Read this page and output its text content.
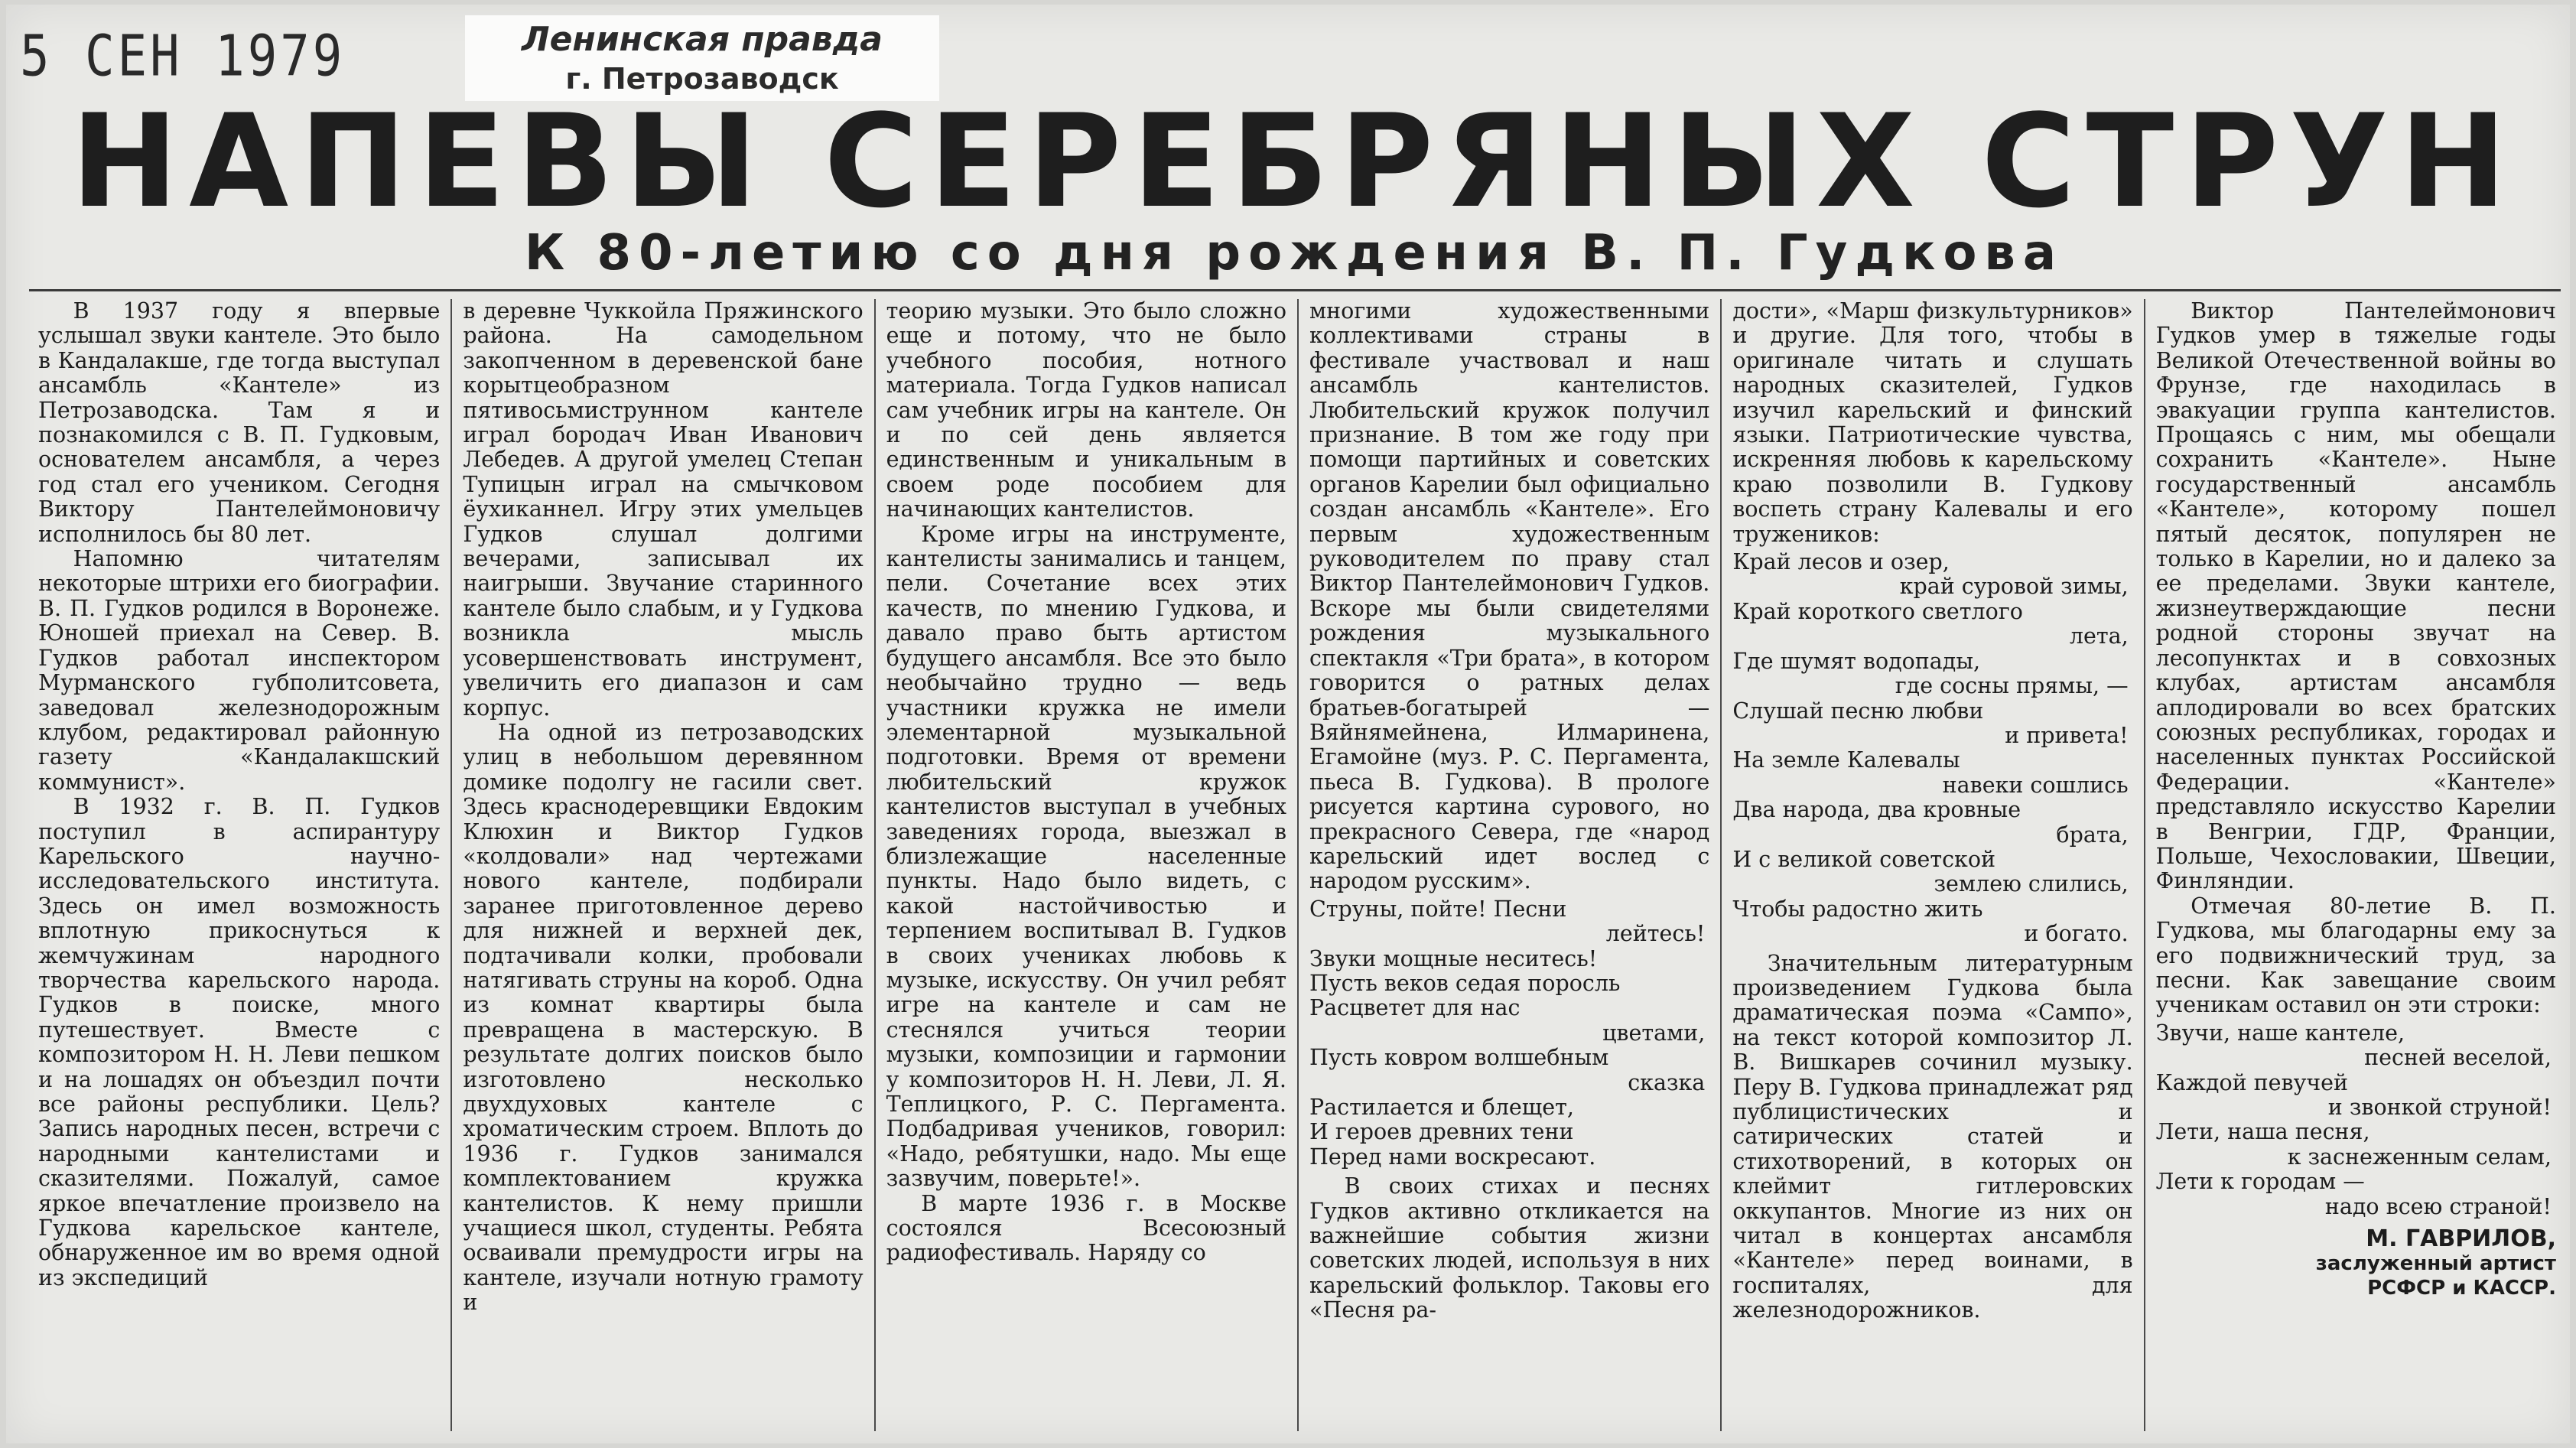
5 СЕН 1979	Ленинская правда
г. Петрозаводск
НАПЕВЫ СЕРЕБРЯНЫХ СТРУН
К 80-летию со дня рождения В. П. Гудкова

В 1937 году я впервые услышал звуки кантеле. Это было в Кандалакше, где тогда выступал ансамбль «Кантеле» из Петрозаводска. Там я и познакомился с В. П. Гудковым, основателем ансамбля, а через год стал его учеником. Сегодня Виктору Пантелеймоновичу исполнилось бы 80 лет.

Напомню читателям некоторые штрихи его биографии. В. П. Гудков родился в Воронеже. Юношей приехал на Север. В. Гудков работал инспектором Мурманского губполитсовета, заведовал железнодорожным клубом, редактировал районную газету «Кандалакшский коммунист».

В 1932 г. В. П. Гудков поступил в аспирантуру Карельского научно-исследовательского института. Здесь он имел возможность вплотную прикоснуться к жемчужинам народного творчества карельского народа. Гудков в поиске, много путешествует. Вместе с композитором Н. Н. Леви пешком и на лошадях он объездил почти все районы республики. Цель? Запись народных песен, встречи с народными кантелистами и сказителями. Пожалуй, самое яркое впечатление произвело на Гудкова карельское кантеле, обнаруженное им во время одной из экспедиций

в деревне Чуккойла Пряжинского района. На самодельном закопченном в деревенской бане корытцеобразном пятивосьмиструнном кантеле играл бородач Иван Иванович Лебедев. А другой умелец Степан Тупицын играл на смычковом ёухиканнел. Игру этих умельцев Гудков слушал долгими вечерами, записывал их наигрыши. Звучание старинного кантеле было слабым, и у Гудкова возникла мысль усовершенствовать инструмент, увеличить его диапазон и сам корпус.

На одной из петрозаводских улиц в небольшом деревянном домике подолгу не гасили свет. Здесь краснодеревщики Евдоким Клюхин и Виктор Гудков «колдовали» над чертежами нового кантеле, подбирали заранее приготовленное дерево для нижней и верхней дек, подтачивали колки, пробовали натягивать струны на короб. Одна из комнат квартиры была превращена в мастерскую. В результате долгих поисков было изготовлено несколько двухдуховых кантеле с хроматическим строем. Вплоть до 1936 г. Гудков занимался комплектованием кружка кантелистов. К нему пришли учащиеся школ, студенты. Ребята осваивали премудрости игры на кантеле, изучали нотную грамоту и

теорию музыки. Это было сложно еще и потому, что не было учебного пособия, нотного материала. Тогда Гудков написал сам учебник игры на кантеле. Он и по сей день является единственным и уникальным в своем роде пособием для начинающих кантелистов.

Кроме игры на инструменте, кантелисты занимались и танцем, пели. Сочетание всех этих качеств, по мнению Гудкова, и давало право быть артистом будущего ансамбля. Все это было необычайно трудно — ведь участники кружка не имели элементарной музыкальной подготовки. Время от времени любительский кружок кантелистов выступал в учебных заведениях города, выезжал в близлежащие населенные пункты. Надо было видеть, с какой настойчивостью и терпением воспитывал В. Гудков в своих учениках любовь к музыке, искусству. Он учил ребят игре на кантеле и сам не стеснялся учиться теории музыки, композиции и гармонии у композиторов Н. Н. Леви, Л. Я. Теплицкого, Р. С. Пергамента. Подбадривая учеников, говорил: «Надо, ребятушки, надо. Мы еще зазвучим, поверьте!».

В марте 1936 г. в Москве состоялся Всесоюзный радиофестиваль. Наряду со

многими художественными коллективами страны в фестивале участвовал и наш ансамбль кантелистов. Любительский кружок получил признание. В том же году при помощи партийных и советских органов Карелии был официально создан ансамбль «Кантеле». Его первым художественным руководителем по праву стал Виктор Пантелеймонович Гудков. Вскоре мы были свидетелями рождения музыкального спектакля «Три брата», в котором говорится о ратных делах братьев-богатырей — Вяйнямейнена, Илмаринена, Егамойне (муз. Р. С. Пергамента, пьеса В. Гудкова). В прологе рисуется картина сурового, но прекрасного Севера, где «народ карельский идет вослед с народом русским».

Струны, пойте! Песни
лейтесь!
Звуки мощные неситесь!
Пусть веков седая поросль
Расцветет для нас
цветами,
Пусть ковром волшебным
сказка
Растилается и блещет,
И героев древних тени
Перед нами воскресают.

В своих стихах и песнях Гудков активно откликается на важнейшие события жизни советских людей, используя в них карельский фольклор. Таковы его «Песня ра-

дости», «Марш физкультурников» и другие. Для того, чтобы в оригинале читать и слушать народных сказителей, Гудков изучил карельский и финский языки. Патриотические чувства, искренняя любовь к карельскому краю позволили В. Гудкову воспеть страну Калевалы и его тружеников:

Край лесов и озер,
край суровой зимы,
Край короткого светлого
лета,
Где шумят водопады,
где сосны прямы, —
Слушай песню любви
и привета!
На земле Калевалы
навеки сошлись
Два народа, два кровные
брата,
И с великой советской
землею слились,
Чтобы радостно жить
и богато.

Значительным литературным произведением Гудкова была драматическая поэма «Сампо», на текст которой композитор Л. В. Вишкарев сочинил музыку. Перу В. Гудкова принадлежат ряд публицистических и сатирических статей и стихотворений, в которых он клеймит гитлеровских оккупантов. Многие из них он читал в концертах ансамбля «Кантеле» перед воинами, в госпиталях, для железнодорожников.

Виктор Пантелеймонович Гудков умер в тяжелые годы Великой Отечественной войны во Фрунзе, где находилась в эвакуации группа кантелистов. Прощаясь с ним, мы обещали сохранить «Кантеле». Ныне государственный ансамбль «Кантеле», которому пошел пятый десяток, популярен не только в Карелии, но и далеко за ее пределами. Звуки кантеле, жизнеутверждающие песни родной стороны звучат на лесопунктах и в совхозных клубах, артистам ансамбля аплодировали во всех братских союзных республиках, городах и населенных пунктах Российской Федерации. «Кантеле» представляло искусство Карелии в Венгрии, ГДР, Франции, Польше, Чехословакии, Швеции, Финляндии.

Отмечая 80-летие В. П. Гудкова, мы благодарны ему за его подвижнический труд, за песни. Как завещание своим ученикам оставил он эти строки:

Звучи, наше кантеле,
песней веселой,
Каждой певучей
и звонкой струной!
Лети, наша песня,
к заснеженным селам,
Лети к городам —
надо всею страной!
М. ГАВРИЛОВ,
заслуженный артист
РСФСР и КАССР.
